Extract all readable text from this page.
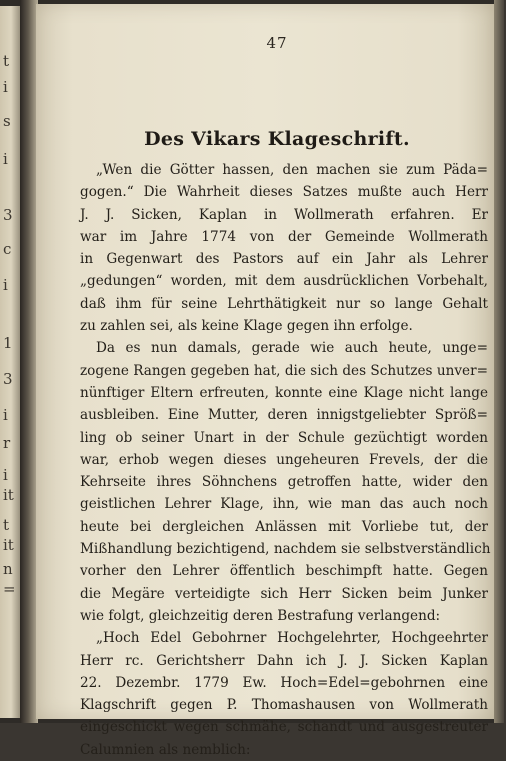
t
i
s
i
3
c
i
1
3
i
r
i
it
t
it
n
=
47
Des Vikars Klageschrift.
„Wen die Götter hassen, den machen sie zum Päda=
gogen.“ Die Wahrheit dieses Satzes mußte auch Herr
J. J. Sicken, Kaplan in Wollmerath erfahren. Er
war im Jahre 1774 von der Gemeinde Wollmerath
in Gegenwart des Pastors auf ein Jahr als Lehrer
„gedungen“ worden, mit dem ausdrücklichen Vorbehalt,
daß ihm für seine Lehrthätigkeit nur so lange Gehalt
zu zahlen sei, als keine Klage gegen ihn erfolge.
Da es nun damals, gerade wie auch heute, unge=
zogene Rangen gegeben hat, die sich des Schutzes unver=
nünftiger Eltern erfreuten, konnte eine Klage nicht lange
ausbleiben. Eine Mutter, deren innigstgeliebter Spröß=
ling ob seiner Unart in der Schule gezüchtigt worden
war, erhob wegen dieses ungeheuren Frevels, der die
Kehrseite ihres Söhnchens getroffen hatte, wider den
geistlichen Lehrer Klage, ihn, wie man das auch noch
heute bei dergleichen Anlässen mit Vorliebe tut, der
Mißhandlung bezichtigend, nachdem sie selbstverständlich
vorher den Lehrer öffentlich beschimpft hatte. Gegen
die Megäre verteidigte sich Herr Sicken beim Junker
wie folgt, gleichzeitig deren Bestrafung verlangend:
„Hoch Edel Gebohrner Hochgelehrter, Hochgeehrter
Herr rc. Gerichtsherr Dahn ich J. J. Sicken Kaplan
22. Dezembr. 1779 Ew. Hoch=Edel=gebohrnen eine
Klagschrift gegen P. Thomashausen von Wollmerath
eingeschickt wegen schmähe, schandt und ausgestreuter
Calumnien als nemblich:
